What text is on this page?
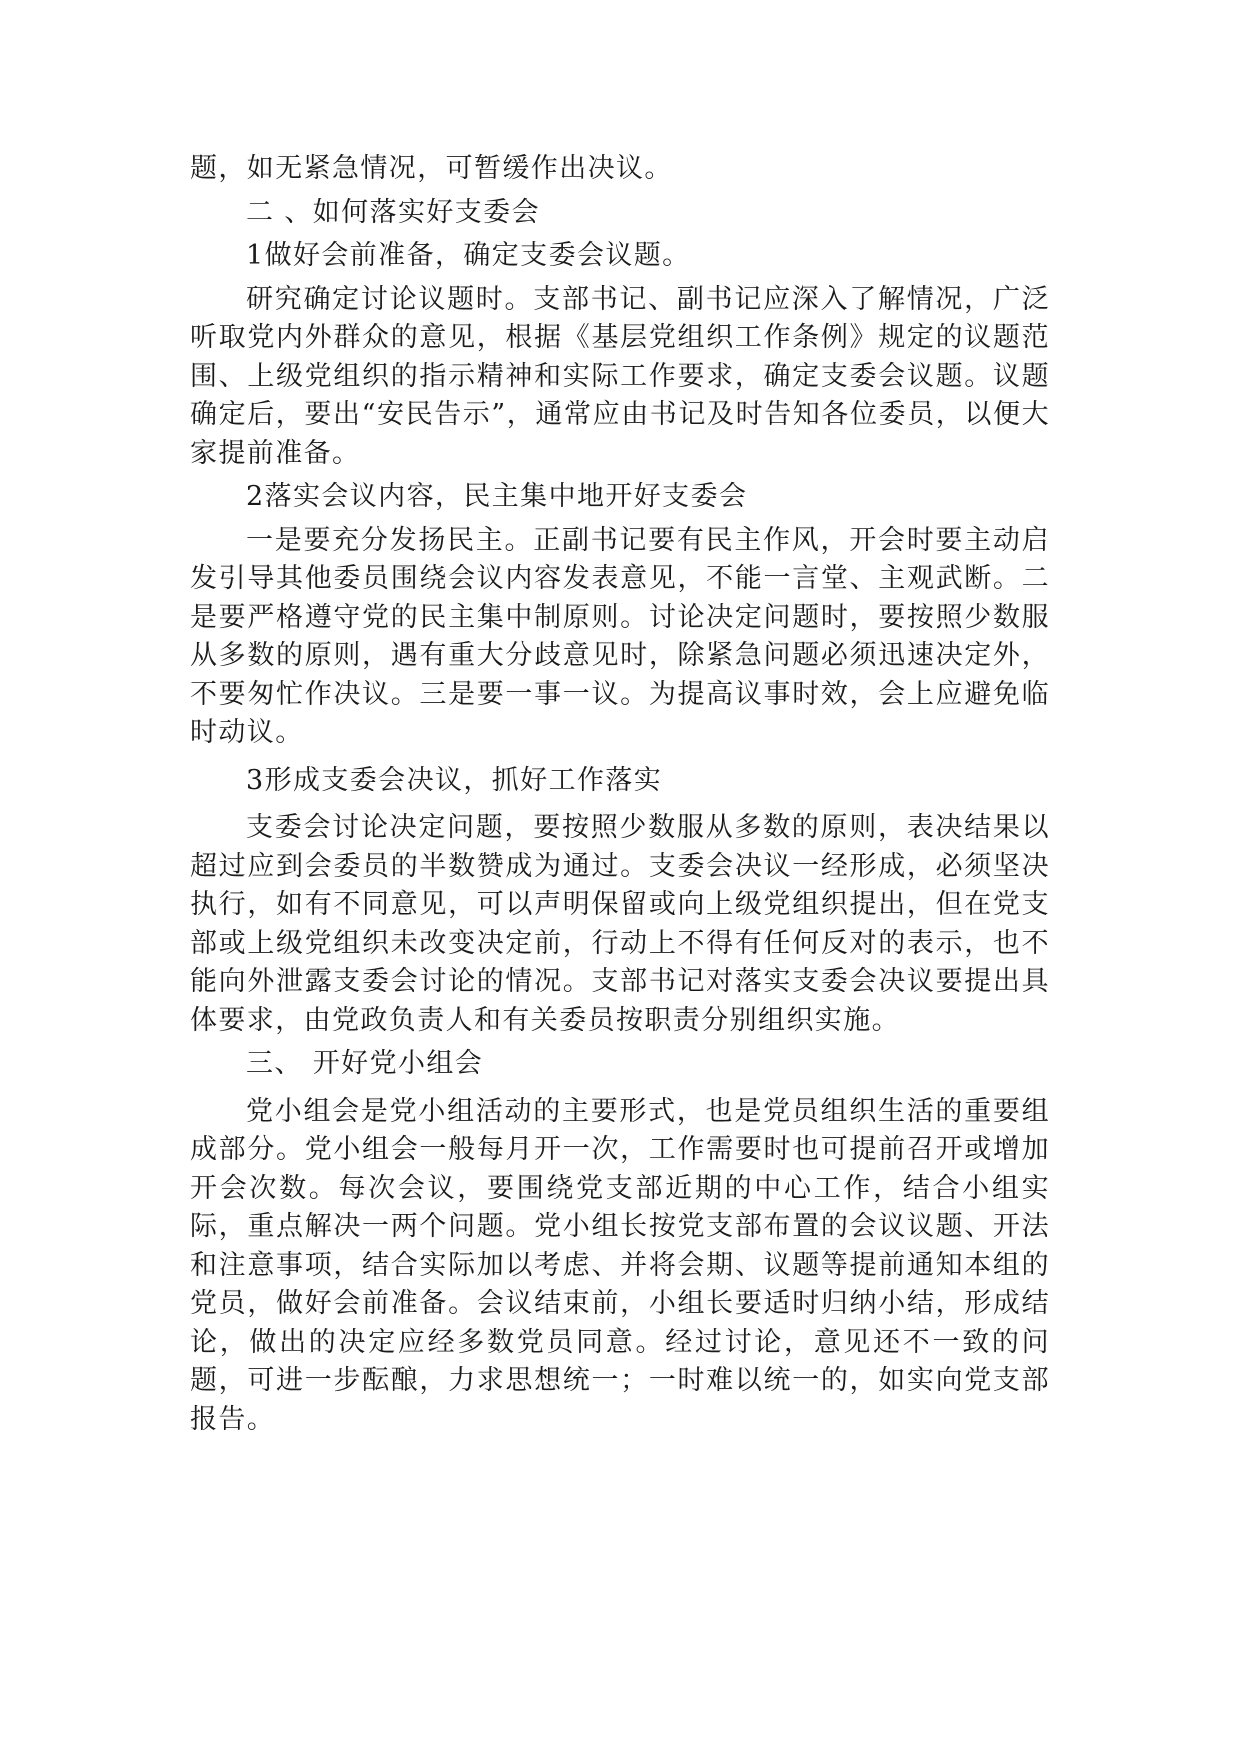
题，如无紧急情况，可暂缓作出决议。

二 、如何落实好支委会

1做好会前准备，确定支委会议题。

研究确定讨论议题时。支部书记、副书记应深入了解情况，广泛听取党内外群众的意见，根据《基层党组织工作条例》规定的议题范围、上级党组织的指示精神和实际工作要求，确定支委会议题。议题确定后，要出“安民告示”，通常应由书记及时告知各位委员，以便大家提前准备。

2落实会议内容，民主集中地开好支委会

一是要充分发扬民主。正副书记要有民主作风，开会时要主动启发引导其他委员围绕会议内容发表意见，不能一言堂、主观武断。二是要严格遵守党的民主集中制原则。讨论决定问题时，要按照少数服从多数的原则，遇有重大分歧意见时，除紧急问题必须迅速决定外，不要匆忙作决议。三是要一事一议。为提高议事时效，会上应避免临时动议。

3形成支委会决议，抓好工作落实

支委会讨论决定问题，要按照少数服从多数的原则，表决结果以超过应到会委员的半数赞成为通过。支委会决议一经形成，必须坚决执行，如有不同意见，可以声明保留或向上级党组织提出，但在党支部或上级党组织未改变决定前，行动上不得有任何反对的表示，也不能向外泄露支委会讨论的情况。支部书记对落实支委会决议要提出具体要求，由党政负责人和有关委员按职责分别组织实施。

三、 开好党小组会

党小组会是党小组活动的主要形式，也是党员组织生活的重要组成部分。党小组会一般每月开一次，工作需要时也可提前召开或增加开会次数。每次会议，要围绕党支部近期的中心工作，结合小组实际，重点解决一两个问题。党小组长按党支部布置的会议议题、开法和注意事项，结合实际加以考虑、并将会期、议题等提前通知本组的党员，做好会前准备。会议结束前，小组长要适时归纳小结，形成结论，做出的决定应经多数党员同意。经过讨论，意见还不一致的问题，可进一步酝酿，力求思想统一；一时难以统一的，如实向党支部报告。
